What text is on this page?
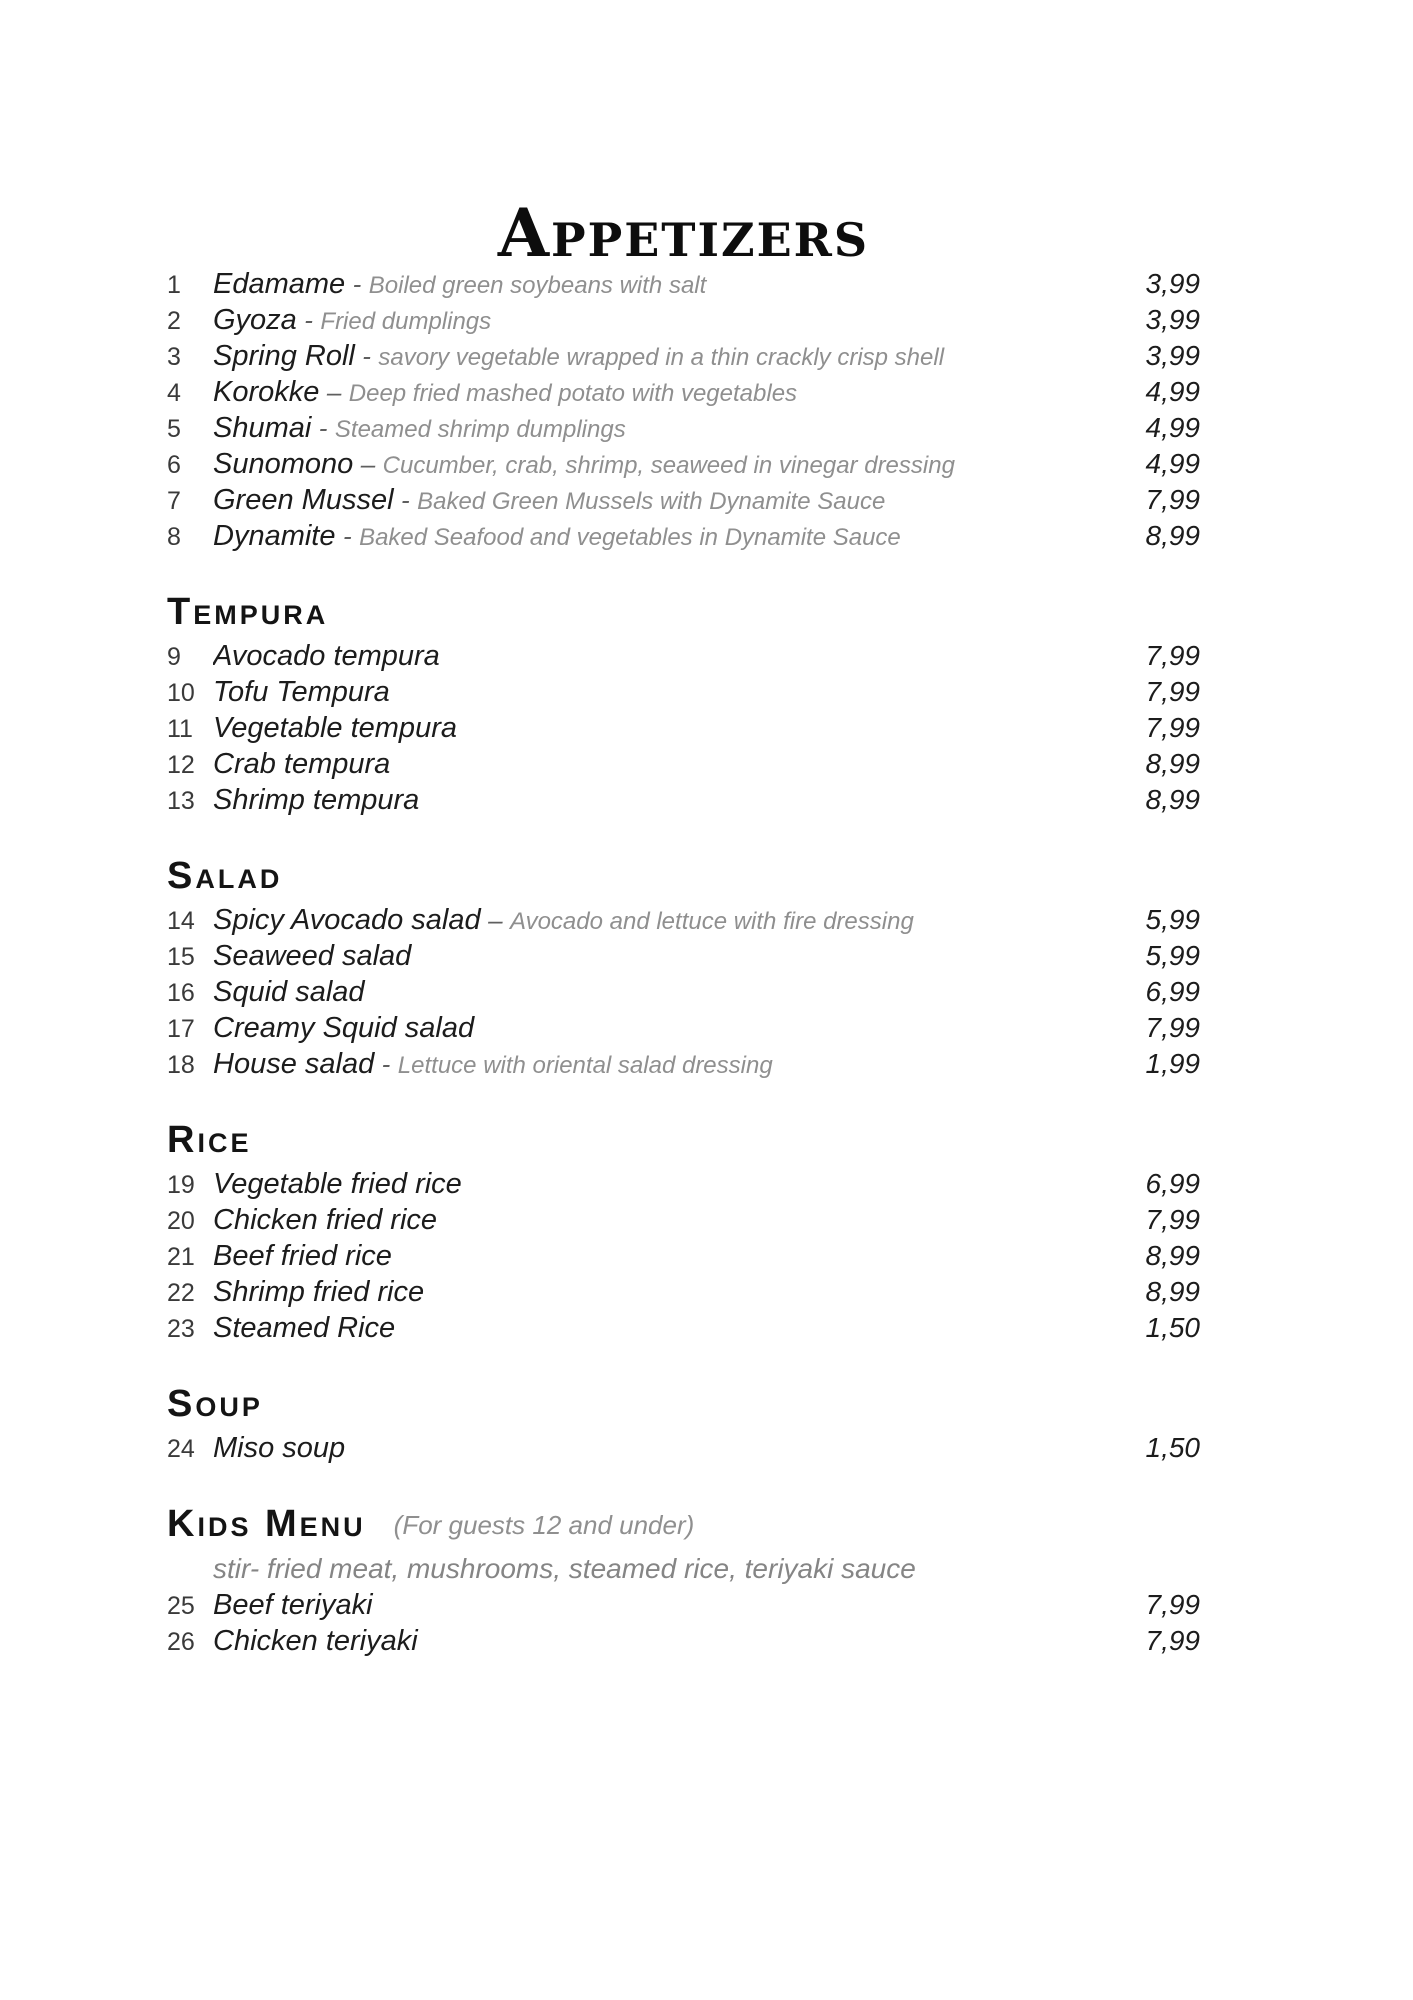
Appetizers
1	Edamame - Boiled green soybeans with salt	3,99
2	Gyoza - Fried dumplings	3,99
3	Spring Roll - savory vegetable wrapped in a thin crackly crisp shell	3,99
4	Korokke – Deep fried mashed potato with vegetables	4,99
5	Shumai - Steamed shrimp dumplings	4,99
6	Sunomono – Cucumber, crab, shrimp, seaweed in vinegar dressing	4,99
7	Green Mussel - Baked Green Mussels with Dynamite Sauce	7,99
8	Dynamite - Baked Seafood and vegetables in Dynamite Sauce	8,99
Tempura
9	Avocado tempura	7,99
10 Tofu Tempura	7,99
11 Vegetable tempura	7,99
12 Crab tempura	8,99
13 Shrimp tempura	8,99
Salad
14 Spicy Avocado salad – Avocado and lettuce with fire dressing	5,99
15 Seaweed salad	5,99
16 Squid salad	6,99
17 Creamy Squid salad	7,99
18 House salad - Lettuce with oriental salad dressing	1,99
Rice
19 Vegetable fried rice	6,99
20 Chicken fried rice	7,99
21 Beef fried rice	8,99
22 Shrimp fried rice	8,99
23 Steamed Rice	1,50
Soup
24 Miso soup	1,50
Kids Menu (For guests 12 and under)
stir- fried meat, mushrooms, steamed rice, teriyaki sauce
25 Beef teriyaki	7,99
26 Chicken teriyaki	7,99
